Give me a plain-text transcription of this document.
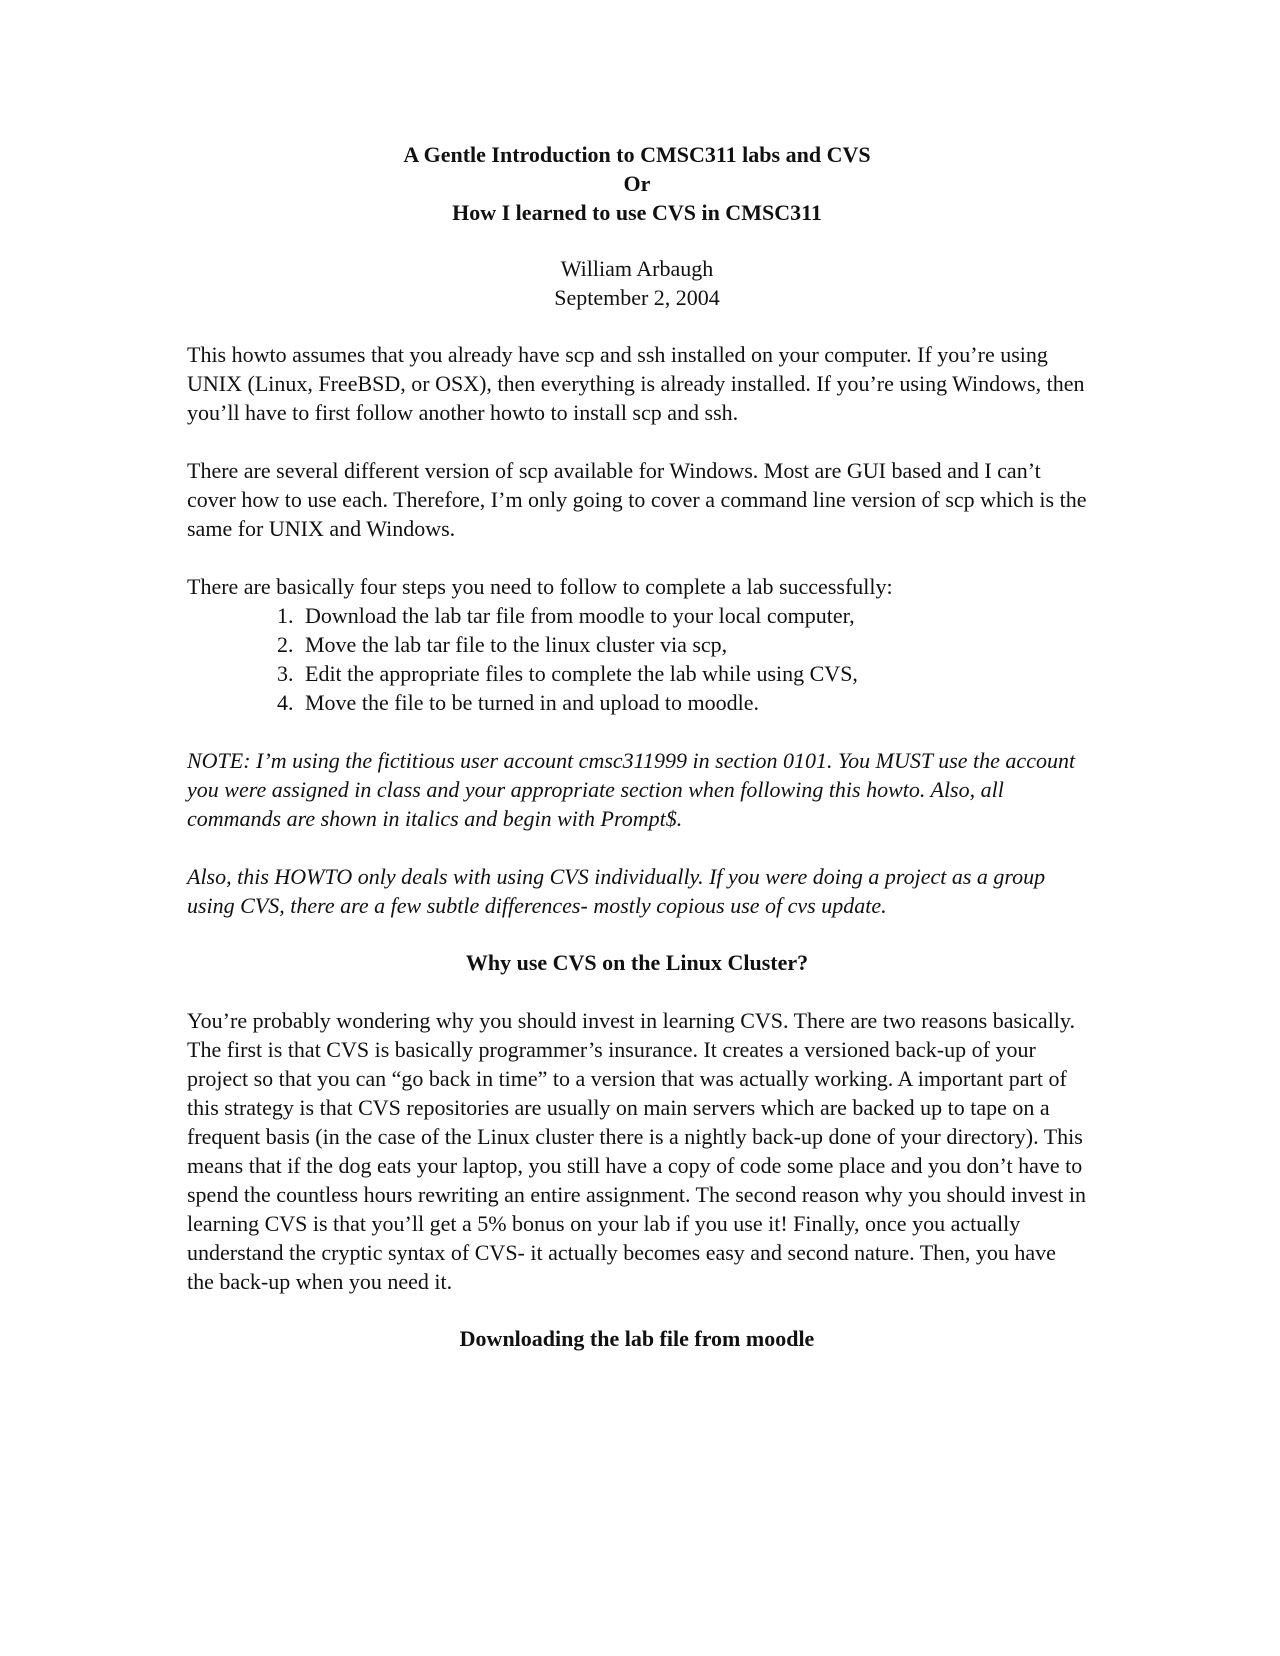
A Gentle Introduction to CMSC311 labs and CVS
Or
How I learned to use CVS in CMSC311
William Arbaugh
September 2, 2004

This howto assumes that you already have scp and ssh installed on your computer. If you’re using UNIX (Linux, FreeBSD, or OSX), then everything is already installed. If you’re using Windows, then you’ll have to first follow another howto to install scp and ssh.

There are several different version of scp available for Windows. Most are GUI based and I can’t cover how to use each. Therefore, I’m only going to cover a command line version of scp which is the same for UNIX and Windows.

There are basically four steps you need to follow to complete a lab successfully:

1. Download the lab tar file from moodle to your local computer,
2. Move the lab tar file to the linux cluster via scp,
3. Edit the appropriate files to complete the lab while using CVS,
4. Move the file to be turned in and upload to moodle.

NOTE: I’m using the fictitious user account cmsc311999 in section 0101. You MUST use the account you were assigned in class and your appropriate section when following this howto. Also, all commands are shown in italics and begin with Prompt$.

Also, this HOWTO only deals with using CVS individually. If you were doing a project as a group using CVS, there are a few subtle differences- mostly copious use of cvs update.

Why use CVS on the Linux Cluster?

You’re probably wondering why you should invest in learning CVS. There are two reasons basically. The first is that CVS is basically programmer’s insurance. It creates a versioned back-up of your project so that you can “go back in time” to a version that was actually working. A important part of this strategy is that CVS repositories are usually on main servers which are backed up to tape on a frequent basis (in the case of the Linux cluster there is a nightly back-up done of your directory). This means that if the dog eats your laptop, you still have a copy of code some place and you don’t have to spend the countless hours rewriting an entire assignment. The second reason why you should invest in learning CVS is that you’ll get a 5% bonus on your lab if you use it! Finally, once you actually understand the cryptic syntax of CVS- it actually becomes easy and second nature. Then, you have the back-up when you need it.

Downloading the lab file from moodle
